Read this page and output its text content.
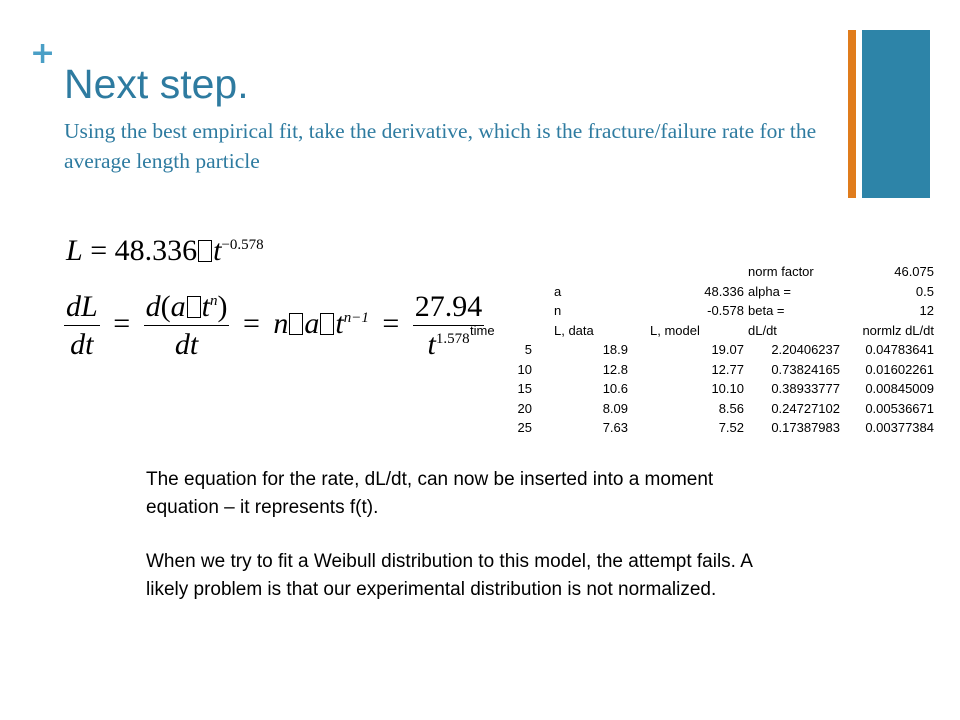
+
Next step.
Using the best empirical fit, take the derivative, which is the fracture/failure rate for the average length particle
L = 48.336 $t^{-0.578}$
$\frac{dL}{dt} = \frac{d(a t^n)}{dt} = n$ a $t^{n-1} = \frac{27.94}{t^{1.578}}$
			norm factor	46.075
	a	48.336	alpha =	0.5
	n	-0.578	beta =	12
time	L, data	L, model	dL/dt	normlz dL/dt
5	18.9	19.07	2.20406237	0.04783641
10	12.8	12.77	0.73824165	0.01602261
15	10.6	10.10	0.38933777	0.00845009
20	8.09	8.56	0.24727102	0.00536671
25	7.63	7.52	0.17387983	0.00377384

The equation for the rate, dL/dt, can now be inserted into a moment equation – it represents f(t).

When we try to fit a Weibull distribution to this model, the attempt fails. A likely problem is that our experimental distribution is not normalized.
